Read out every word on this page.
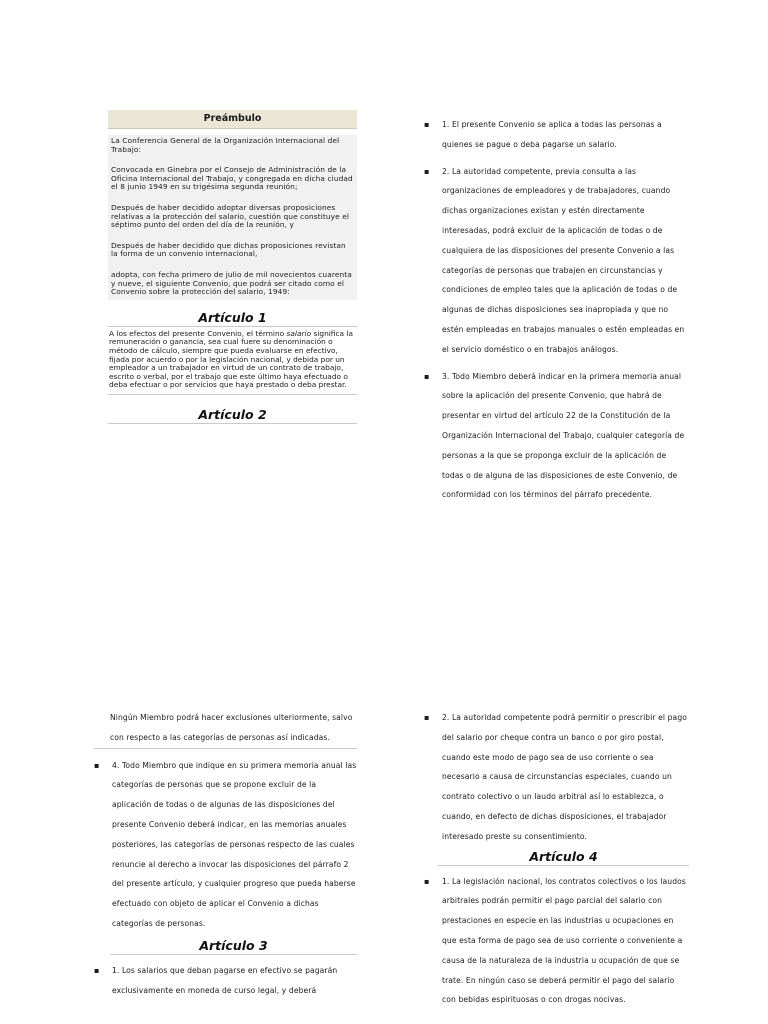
Preámbulo

La Conferencia General de la Organización Internacional del Trabajo:

Convocada en Ginebra por el Consejo de Administración de la Oficina Internacional del Trabajo, y congregada en dicha ciudad el 8 junio 1949 en su trigésima segunda reunión;

Después de haber decidido adoptar diversas proposiciones relativas a la protección del salario, cuestión que constituye el séptimo punto del orden del día de la reunión, y

Después de haber decidido que dichas proposiciones revistan la forma de un convenio internacional,

adopta, con fecha primero de julio de mil novecientos cuarenta y nueve, el siguiente Convenio, que podrá ser citado como el Convenio sobre la protección del salario, 1949:

Artículo 1
A los efectos del presente Convenio, el término salario significa la remuneración o ganancia, sea cual fuere su denominación o método de cálculo, siempre que pueda evaluarse en efectivo, fijada por acuerdo o por la legislación nacional, y debida por un empleador a un trabajador en virtud de un contrato de trabajo, escrito o verbal, por el trabajo que este último haya efectuado o deba efectuar o por servicios que haya prestado o deba prestar.
Artículo 2
▪ 1. El presente Convenio se aplica a todas las personas a quienes se pague o deba pagarse un salario.
▪ 2. La autoridad competente, previa consulta a las organizaciones de empleadores y de trabajadores, cuando dichas organizaciones existan y estén directamente interesadas, podrá excluir de la aplicación de todas o de cualquiera de las disposiciones del presente Convenio a las categorías de personas que trabajen en circunstancias y condiciones de empleo tales que la aplicación de todas o de algunas de dichas disposiciones sea inapropiada y que no estén empleadas en trabajos manuales o estén empleadas en el servicio doméstico o en trabajos análogos.
▪ 3. Todo Miembro deberá indicar en la primera memoria anual sobre la aplicación del presente Convenio, que habrá de presentar en virtud del artículo 22 de la Constitución de la Organización Internacional del Trabajo, cualquier categoría de personas a la que se proponga excluir de la aplicación de todas o de alguna de las disposiciones de este Convenio, de conformidad con los términos del párrafo precedente.
Ningún Miembro podrá hacer exclusiones ulteriormente, salvo con respecto a las categorías de personas así indicadas.
▪ 4. Todo Miembro que indique en su primera memoria anual las categorías de personas que se propone excluir de la aplicación de todas o de algunas de las disposiciones del presente Convenio deberá indicar, en las memorias anuales posteriores, las categorías de personas respecto de las cuales renuncie al derecho a invocar las disposiciones del párrafo 2 del presente artículo, y cualquier progreso que pueda haberse efectuado con objeto de aplicar el Convenio a dichas categorías de personas.
Artículo 3
▪ 1. Los salarios que deban pagarse en efectivo se pagarán exclusivamente en moneda de curso legal, y deberá
▪ 2. La autoridad competente podrá permitir o prescribir el pago del salario por cheque contra un banco o por giro postal, cuando este modo de pago sea de uso corriente o sea necesario a causa de circunstancias especiales, cuando un contrato colectivo o un laudo arbitral así lo establezca, o cuando, en defecto de dichas disposiciones, el trabajador interesado preste su consentimiento.
Artículo 4
▪ 1. La legislación nacional, los contratos colectivos o los laudos arbitrales podrán permitir el pago parcial del salario con prestaciones en especie en las industrias u ocupaciones en que esta forma de pago sea de uso corriente o conveniente a causa de la naturaleza de la industria u ocupación de que se trate. En ningún caso se deberá permitir el pago del salario con bebidas espirituosas o con drogas nocivas.
